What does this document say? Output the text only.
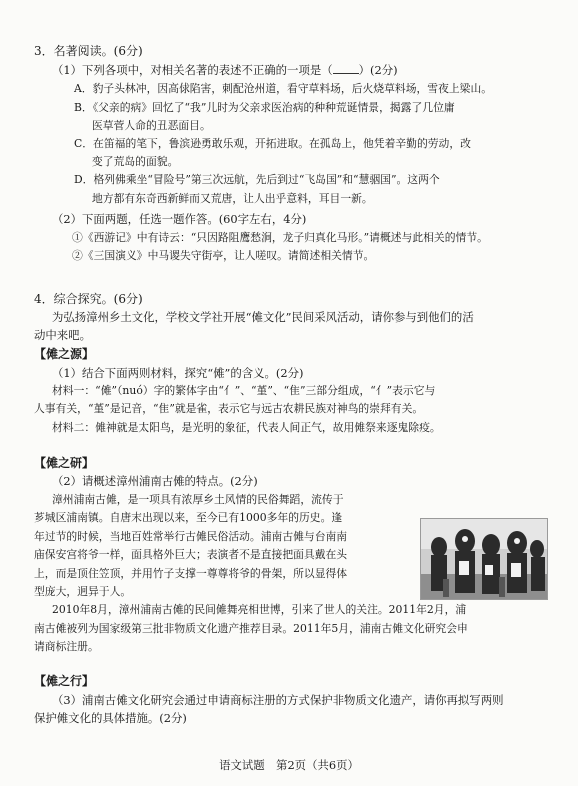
3．名著阅读。(6分)
（1）下列各项中，对相关名著的表述不正确的一项是（ ）(2分)
A．豹子头林冲，因高俅陷害，刺配沧州道，看守草料场，后火烧草料场，雪夜上梁山。
B．《父亲的病》回忆了“我”儿时为父亲求医治病的种种荒诞情景，揭露了几位庸
医草菅人命的丑恶面目。
C．在笛福的笔下，鲁滨逊勇敢乐观，开拓进取。在孤岛上，他凭着辛勤的劳动，改
变了荒岛的面貌。
D．格列佛乘坐“冒险号”第三次远航，先后到过“飞岛国”和“慧骃国”。这两个
地方都有东奇西新鲜而又荒唐，让人出乎意料，耳目一新。
（2）下面两题，任选一题作答。(60字左右，4分)
①《西游记》中有诗云：“只因路阻鹰愁涧，龙子归真化马形。”请概述与此相关的情节。
②《三国演义》中马谡失守街亭，让人嗟叹。请简述相关情节。
4．综合探究。(6分)
为弘扬漳州乡土文化，学校文学社开展“傩文化”民间采风活动，请你参与到他们的活
动中来吧。
【傩之源】
（1）结合下面两则材料，探究“傩”的含义。(2分)
材料一：“傩”（nuó）字的繁体字由“亻”、“堇”、“隹”三部分组成，“亻”表示它与
人事有关，“堇”是记音，“隹”就是雀，表示它与远古农耕民族对神鸟的崇拜有关。
材料二：傩神就是太阳鸟，是光明的象征，代表人间正气，故用傩祭来逐鬼除疫。
【傩之研】
（2）请概述漳州浦南古傩的特点。(2分)
漳州浦南古傩，是一项具有浓厚乡土风情的民俗舞蹈，流传于
芗城区浦南镇。自唐末出现以来，至今已有1000多年的历史。逢
年过节的时候，当地百姓常举行古傩民俗活动。浦南古傩与台南南
庙保安宫将爷一样，面具格外巨大；表演者不是直接把面具戴在头
上，而是顶住笠顶，并用竹子支撑一尊尊将爷的骨架，所以显得体
型庞大，迥异于人。
2010年8月，漳州浦南古傩的民间傩舞亮相世博，引来了世人的关注。2011年2月，浦
南古傩被列为国家级第三批非物质文化遗产推荐目录。2011年5月，浦南古傩文化研究会申
请商标注册。
【傩之行】
（3）浦南古傩文化研究会通过申请商标注册的方式保护非物质文化遗产，请你再拟写两则
保护傩文化的具体措施。(2分)
语文试题　第2页（共6页）
